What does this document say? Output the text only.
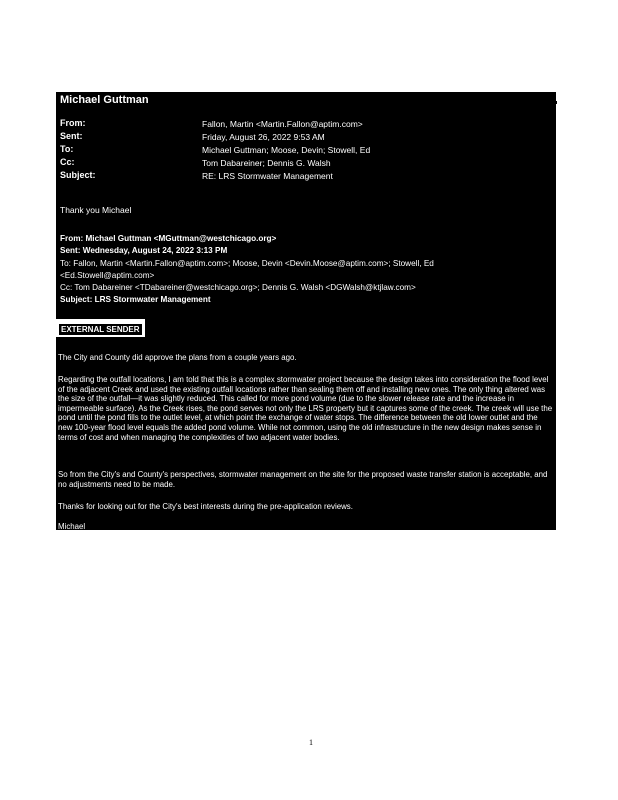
Michael Guttman
From:	Fallon, Martin <Martin.Fallon@aptim.com>
Sent:	Friday, August 26, 2022 9:53 AM
To:	Michael Guttman; Moose, Devin; Stowell, Ed
Cc:	Tom Dabareiner; Dennis G. Walsh
Subject:	RE: LRS Stormwater Management
Thank you Michael
From: Michael Guttman <MGuttman@westchicago.org>
Sent: Wednesday, August 24, 2022 3:13 PM
To: Fallon, Martin <Martin.Fallon@aptim.com>; Moose, Devin <Devin.Moose@aptim.com>; Stowell, Ed
<Ed.Stowell@aptim.com>
Cc: Tom Dabareiner <TDabareiner@westchicago.org>; Dennis G. Walsh <DGWalsh@ktjlaw.com>
Subject: LRS Stormwater Management
EXTERNAL SENDER
The City and County did approve the plans from a couple years ago.
Regarding the outfall locations, I am told that this is a complex stormwater project because the design takes into consideration the flood level of the adjacent Creek and used the existing outfall locations rather than sealing them off and installing new ones. The only thing altered was the size of the outfall—it was slightly reduced. This called for more pond volume (due to the slower release rate and the increase in impermeable surface). As the Creek rises, the pond serves not only the LRS property but it captures some of the creek. The creek will use the pond until the pond fills to the outlet level, at which point the exchange of water stops. The difference between the old lower outlet and the new 100-year flood level equals the added pond volume. While not common, using the old infrastructure in the new design makes sense in terms of cost and when managing the complexities of two adjacent water bodies.
So from the City's and County's perspectives, stormwater management on the site for the proposed waste transfer station is acceptable, and no adjustments need to be made.
Thanks for looking out for the City's best interests during the pre-application reviews.
Michael
1
